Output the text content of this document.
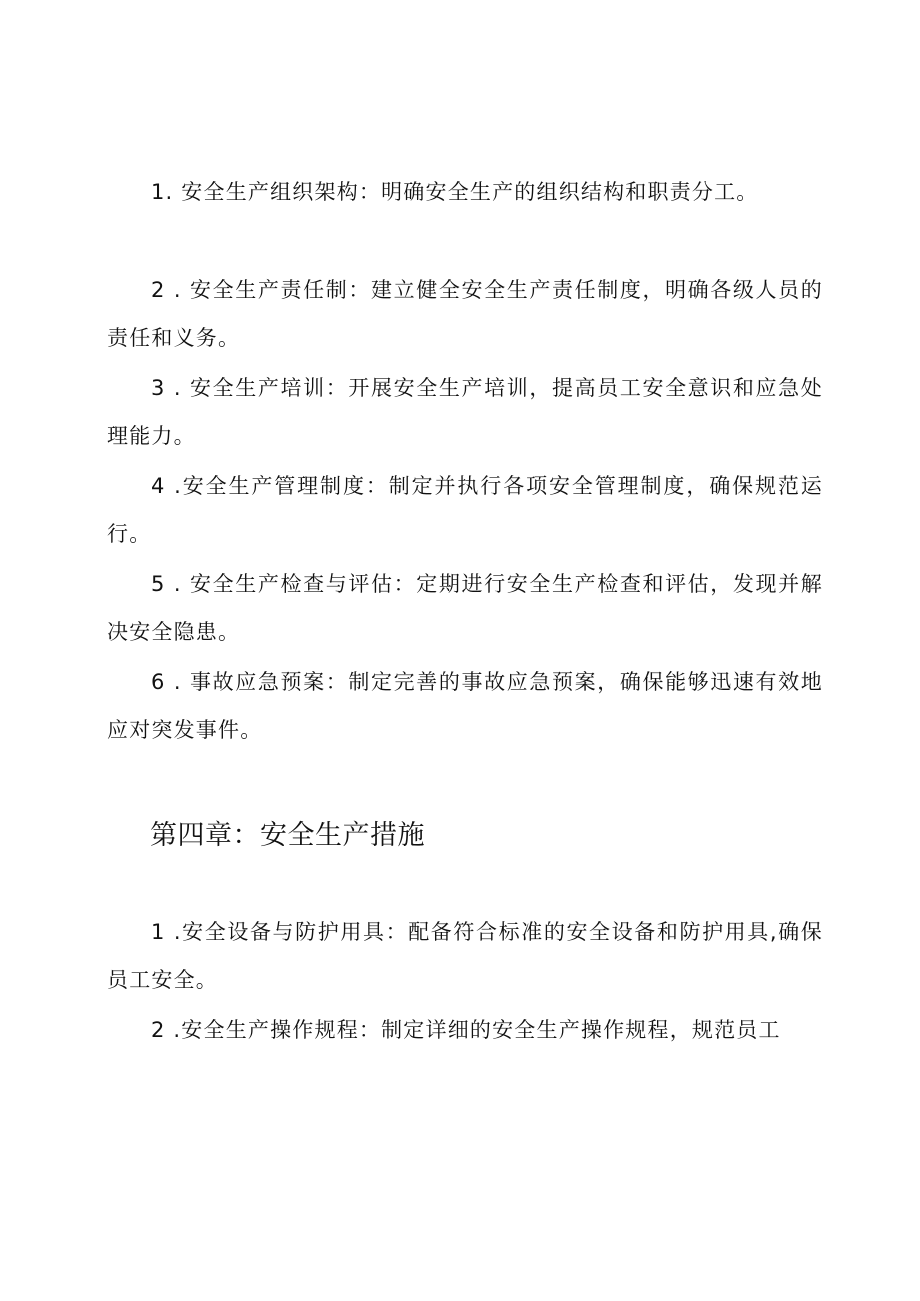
1. 安全生产组织架构：明确安全生产的组织结构和职责分工。

2 . 安全生产责任制：建立健全安全生产责任制度，明确各级人员的责任和义务。

3 . 安全生产培训：开展安全生产培训，提高员工安全意识和应急处理能力。

4 .安全生产管理制度：制定并执行各项安全管理制度，确保规范运行。

5 . 安全生产检查与评估：定期进行安全生产检查和评估，发现并解决安全隐患。

6 . 事故应急预案：制定完善的事故应急预案，确保能够迅速有效地应对突发事件。

第四章：安全生产措施

1 .安全设备与防护用具：配备符合标准的安全设备和防护用具,确保员工安全。

2 .安全生产操作规程：制定详细的安全生产操作规程，规范员工
